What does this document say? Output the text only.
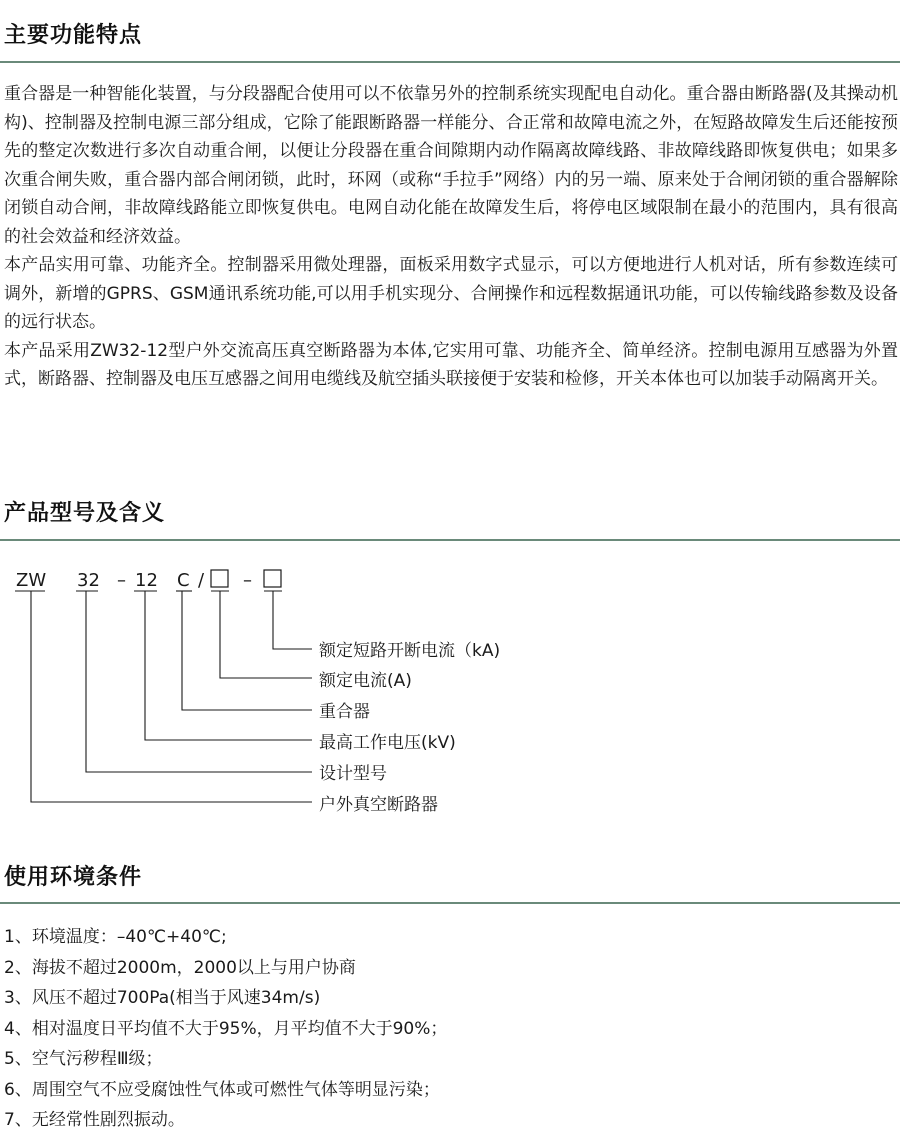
主要功能特点

重合器是一种智能化装置，与分段器配合使用可以不依靠另外的控制系统实现配电自动化。重合器由断路器(及其操动机构)、控制器及控制电源三部分组成，它除了能跟断路器一样能分、合正常和故障电流之外，在短路故障发生后还能按预先的整定次数进行多次自动重合闸，以便让分段器在重合间隙期内动作隔离故障线路、非故障线路即恢复供电；如果多次重合闸失败，重合器内部合闸闭锁，此时，环网（或称“手拉手”网络）内的另一端、原来处于合闸闭锁的重合器解除闭锁自动合闸，非故障线路能立即恢复供电。电网自动化能在故障发生后，将停电区域限制在最小的范围内，具有很高的社会效益和经济效益。

本产品实用可靠、功能齐全。控制器采用微处理器，面板采用数字式显示，可以方便地进行人机对话，所有参数连续可调外，新增的GPRS、GSM通讯系统功能,可以用手机实现分、合闸操作和远程数据通讯功能，可以传输线路参数及设备的远行状态。

本产品采用ZW32-12型户外交流高压真空断路器为本体,它实用可靠、功能齐全、简单经济。控制电源用互感器为外置式，断路器、控制器及电压互感器之间用电缆线及航空插头联接便于安装和检修，开关本体也可以加装手动隔离开关。

产品型号及含义
ZW 32 – 12 C / –
额定短路开断电流（kA)
额定电流(A)
重合器
最高工作电压(kV)
设计型号
户外真空断路器
使用环境条件
1、环境温度：–40℃+40℃;
2、海拔不超过2000m，2000以上与用户协商
3、风压不超过700Pa(相当于风速34m/s)
4、相对温度日平均值不大于95%，月平均值不大于90%；
5、空气污秽程Ⅲ级；
6、周围空气不应受腐蚀性气体或可燃性气体等明显污染；
7、无经常性剧烈振动。
